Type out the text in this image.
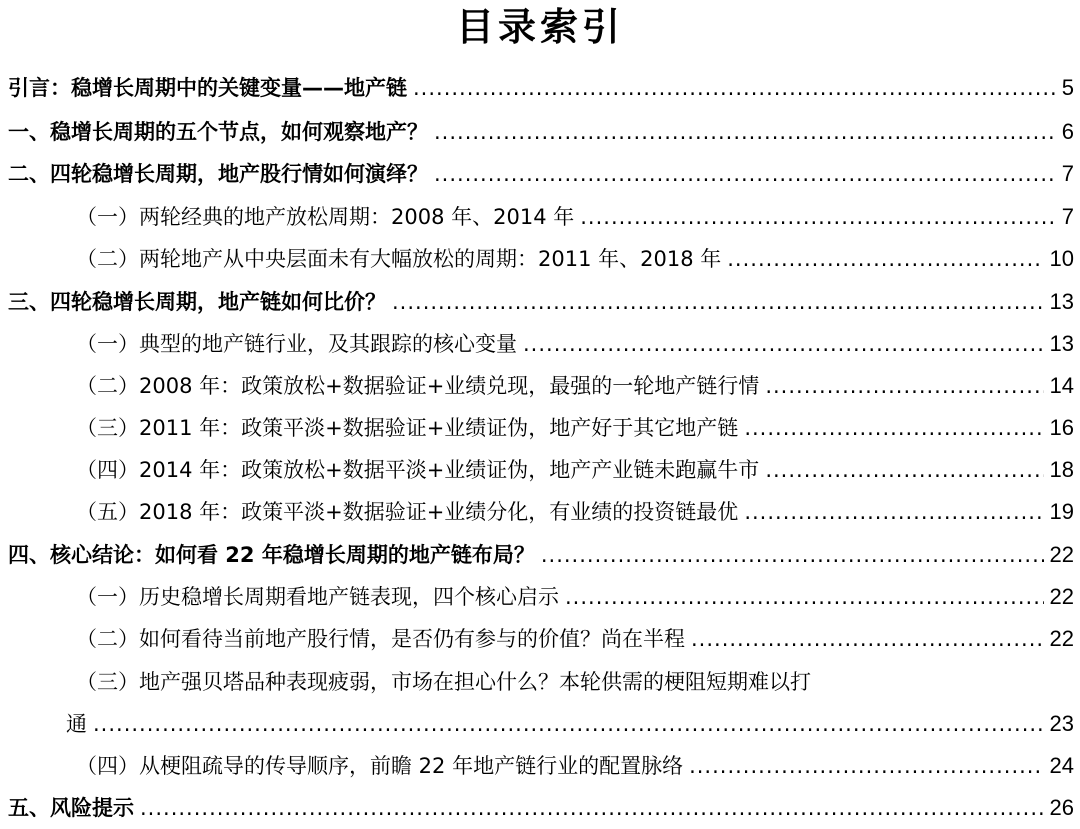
目录索引
引言：稳增长周期中的关键变量——地产链 .....	5
一、稳增长周期的五个节点，如何观察地产？ .....	6
二、四轮稳增长周期，地产股行情如何演绎？ .....	7
（一）两轮经典的地产放松周期：2008 年、2014 年 .....	7
（二）两轮地产从中央层面未有大幅放松的周期：2011 年、2018 年 .....	10
三、四轮稳增长周期，地产链如何比价？ .....	13
（一）典型的地产链行业，及其跟踪的核心变量 .....	13
（二）2008 年：政策放松+数据验证+业绩兑现，最强的一轮地产链行情 .....	14
（三）2011 年：政策平淡+数据验证+业绩证伪，地产好于其它地产链 .....	16
（四）2014 年：政策放松+数据平淡+业绩证伪，地产产业链未跑赢牛市 .....	18
（五）2018 年：政策平淡+数据验证+业绩分化，有业绩的投资链最优 .....	19
四、核心结论：如何看 22 年稳增长周期的地产链布局？ .....	22
（一）历史稳增长周期看地产链表现，四个核心启示 .....	22
（二）如何看待当前地产股行情，是否仍有参与的价值？尚在半程 .....	22
（三）地产强贝塔品种表现疲弱，市场在担心什么？本轮供需的梗阻短期难以打
通 .....	23
（四）从梗阻疏导的传导顺序，前瞻 22 年地产链行业的配置脉络 .....	24
五、风险提示 .....	26
